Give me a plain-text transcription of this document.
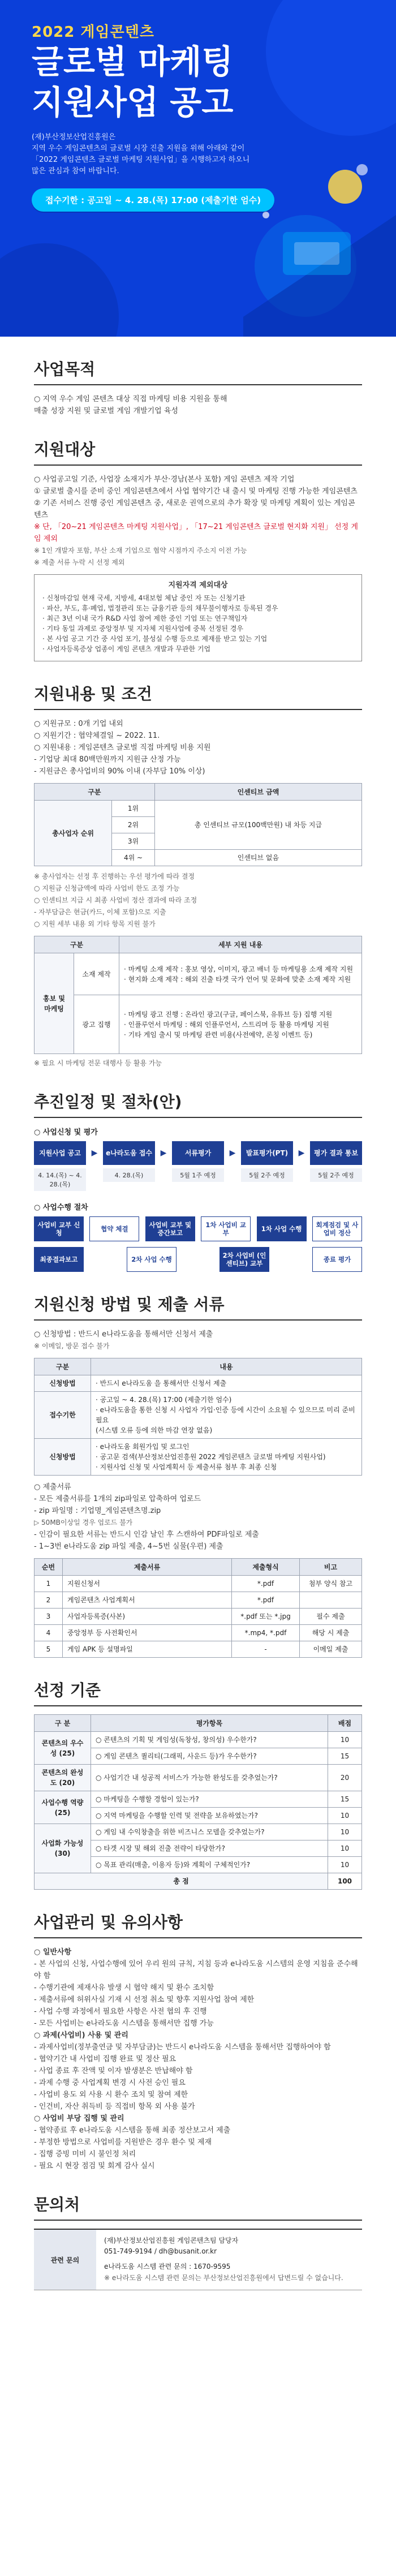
2022 게임콘텐츠
글로벌 마케팅
지원사업 공고
(재)부산정보산업진흥원은
지역 우수 게임콘텐츠의 글로벌 시장 진출 지원을 위해 아래와 같이
「2022 게임콘텐츠 글로벌 마케팅 지원사업」을 시행하고자 하오니
많은 관심과 참여 바랍니다.
접수기한 : 공고일 ~ 4. 28.(목) 17:00 (제출기한 엄수)
사업목적
○ 지역 우수 게임 콘텐츠 대상 직접 마케팅 비용 지원을 통해
매출 성장 지원 및 글로벌 게임 개발기업 육성
지원대상
○ 사업공고일 기준, 사업장 소재지가 부산·경남(본사 포함) 게임 콘텐츠 제작 기업
① 글로벌 출시를 준비 중인 게임콘텐츠에서 사업 협약기간 내 출시 및 마케팅 진행 가능한 게임콘텐츠
② 기존 서비스 진행 중인 게임콘텐츠 중, 새로운 권역으로의 추가 확장 및 마케팅 계획이 있는 게임콘텐츠
※ 단, 「20~21 게임콘텐츠 마케팅 지원사업」, 「17~21 게임콘텐츠 글로벌 현지화 지원」 선정 게임 제외
※ 1인 개발자 포함, 부산 소재 기업으로 협약 시점까지 주소지 이전 가능
※ 제출 서류 누락 시 선정 제외
지원자격 제외대상
· 신청마감일 현재 국세, 지방세, 4대보험 체납 중인 자 또는 신청기관
· 파산, 부도, 휴·폐업, 법정관리 또는 금융기관 등의 채무불이행자로 등록된 경우
· 최근 3년 이내 국가 R&D 사업 참여 제한 중인 기업 또는 연구책임자
· 기타 동일 과제로 중앙정부 및 지자체 지원사업에 중복 선정된 경우
· 본 사업 공고 기간 중 사업 포기, 불성실 수행 등으로 제재를 받고 있는 기업
· 사업자등록증상 업종이 게임 콘텐츠 개발과 무관한 기업
지원내용 및 조건
○ 지원규모 : 0개 기업 내외
○ 지원기간 : 협약체결일 ~ 2022. 11.
○ 지원내용 : 게임콘텐츠 글로벌 직접 마케팅 비용 지원
- 기업당 최대 80백만원까지 지원금 산정 가능
- 지원금은 총사업비의 90% 이내 (자부담 10% 이상)
구분		인센티브 금액
총사업자 순위	1위	총 인센티브 규모(100백만원) 내 차등 지급
	2위	
	3위	
	4위 ~	인센티브 없음
※ 총사업자는 선정 후 진행하는 우선 평가에 따라 결정
○ 지원금 신청금액에 따라 사업비 한도 조정 가능
○ 인센티브 지급 시 최종 사업비 정산 결과에 따라 조정
- 자부담금은 현금(카드, 이체 포함)으로 지출
○ 지원 세부 내용 외 기타 항목 지원 불가
구분		세부 지원 내용
홍보 및 마케팅	소재 제작	· 마케팅 소재 제작 : 홍보 영상, 이미지, 광고 배너 등 마케팅용 소재 제작 지원
· 현지화 소재 제작 : 해외 진출 타겟 국가 언어 및 문화에 맞춘 소재 제작 지원
	광고 집행	· 마케팅 광고 진행 : 온라인 광고(구글, 페이스북, 유튜브 등) 집행 지원
· 인플루언서 마케팅 : 해외 인플루언서, 스트리머 등 활용 마케팅 지원
· 기타 게임 출시 및 마케팅 관련 비용(사전예약, 론칭 이벤트 등)
※ 필요 시 마케팅 전문 대행사 등 활용 가능
추진일정 및 절차(안)
○ 사업신청 및 평가
지원사업 공고
4. 14.(목) ~ 4. 28.(목)
▶	e나라도움 접수
4. 28.(목)
▶	서류평가
5월 1주 예정
▶	발표평가(PT)
5월 2주 예정
▶	평가 결과 통보
5월 2주 예정
○ 사업수행 절차
사업비 교부 신청	협약 체결	사업비 교부 및 중간보고
1차 사업비 교부	1차 사업 수행	회계점검 및 사업비 정산
최종결과보고	2차 사업 수행	2차 사업비 (인센티브) 교부	종료 평가
지원신청 방법 및 제출 서류
○ 신청방법 : 반드시 e나라도움을 통해서만 신청서 제출
※ 이메일, 방문 접수 불가
구분	내용
신청방법	· 반드시 e나라도움 을 통해서만 신청서 제출
접수기한	· 공고일 ~ 4. 28.(목) 17:00 (제출기한 엄수)
· e나라도움을 통한 신청 시 사업자 가입·인증 등에 시간이 소요될 수 있으므로 미리 준비 필요
(시스템 오류 등에 의한 마감 연장 없음)
신청방법	· e나라도움 회원가입 및 로그인
· 공고문 검색(부산정보산업진흥원 2022 게임콘텐츠 글로벌 마케팅 지원사업)
· 지원사업 신청 및 사업계획서 등 제출서류 첨부 후 최종 신청
○ 제출서류
- 모든 제출서류를 1개의 zip파일로 압축하여 업로드
- zip 파일명 : 기업명_게임콘텐츠명.zip
▷ 50MB이상일 경우 업로드 불가
- 인감이 필요한 서류는 반드시 인감 날인 후 스캔하여 PDF파일로 제출
- 1~3번 e나라도움 zip 파일 제출, 4~5번 실물(우편) 제출
순번	제출서류	제출형식	비고
1	지원신청서	*.pdf	첨부 양식 참고
2	게임콘텐츠 사업계획서	*.pdf	
3	사업자등록증(사본)	*.pdf 또는 *.jpg	필수 제출
4	중앙정부 등 사전확인서	*.mp4, *.pdf	해당 시 제출
5	게임 APK 등 설명파일	-	이메일 제출
선정 기준
구 분	평가항목	배점
콘텐츠의 우수성 (25)	○ 콘텐츠의 기획 및 게임성(독창성, 창의성) 우수한가?	10
	○ 게임 콘텐츠 퀄리티(그래픽, 사운드 등)가 우수한가?	15
콘텐츠의 완성도 (20)	○ 사업기간 내 성공적 서비스가 가능한 완성도를 갖추었는가?	20
사업수행 역량 (25)	○ 마케팅을 수행할 경험이 있는가?	15
	○ 지역 마케팅을 수행할 인력 및 전략을 보유하였는가?	10
사업화 가능성 (30)	○ 게임 내 수익창출을 위한 비즈니스 모델을 갖추었는가?	10
	○ 타겟 시장 및 해외 진출 전략이 타당한가?	10
	○ 목표 관리(매출, 이용자 등)와 계획이 구체적인가?	10
총 점		100
사업관리 및 유의사항
○ 일반사항
- 본 사업의 신청, 사업수행에 있어 우리 원의 규칙, 지침 등과 e나라도움 시스템의 운영 지침을 준수해야 함
- 수행기관에 제재사유 발생 시 협약 해지 및 환수 조치함
- 제출서류에 허위사실 기재 시 선정 취소 및 향후 지원사업 참여 제한
- 사업 수행 과정에서 필요한 사항은 사전 협의 후 진행
- 모든 사업비는 e나라도움 시스템을 통해서만 집행 가능
○ 과제(사업비) 사용 및 관리
- 과제사업비(정부출연금 및 자부담금)는 반드시 e나라도움 시스템을 통해서만 집행하여야 함
- 협약기간 내 사업비 집행 완료 및 정산 필요
- 사업 종료 후 잔액 및 이자 발생분은 반납해야 함
- 과제 수행 중 사업계획 변경 시 사전 승인 필요
- 사업비 용도 외 사용 시 환수 조치 및 참여 제한
- 인건비, 자산 취득비 등 직접비 항목 외 사용 불가
○ 사업비 부당 집행 및 관리
- 협약종료 후 e나라도움 시스템을 통해 최종 정산보고서 제출
- 부정한 방법으로 사업비를 지원받은 경우 환수 및 제재
- 집행 증빙 미비 시 불인정 처리
- 필요 시 현장 점검 및 회계 감사 실시
문의처
관련 문의
(재)부산정보산업진흥원 게임콘텐츠팀 담당자
051-749-9194 / dh@busanit.or.kr
e나라도움 시스템 관련 문의 : 1670-9595
※ e나라도움 시스템 관련 문의는 부산정보산업진흥원에서 답변드릴 수 없습니다.
